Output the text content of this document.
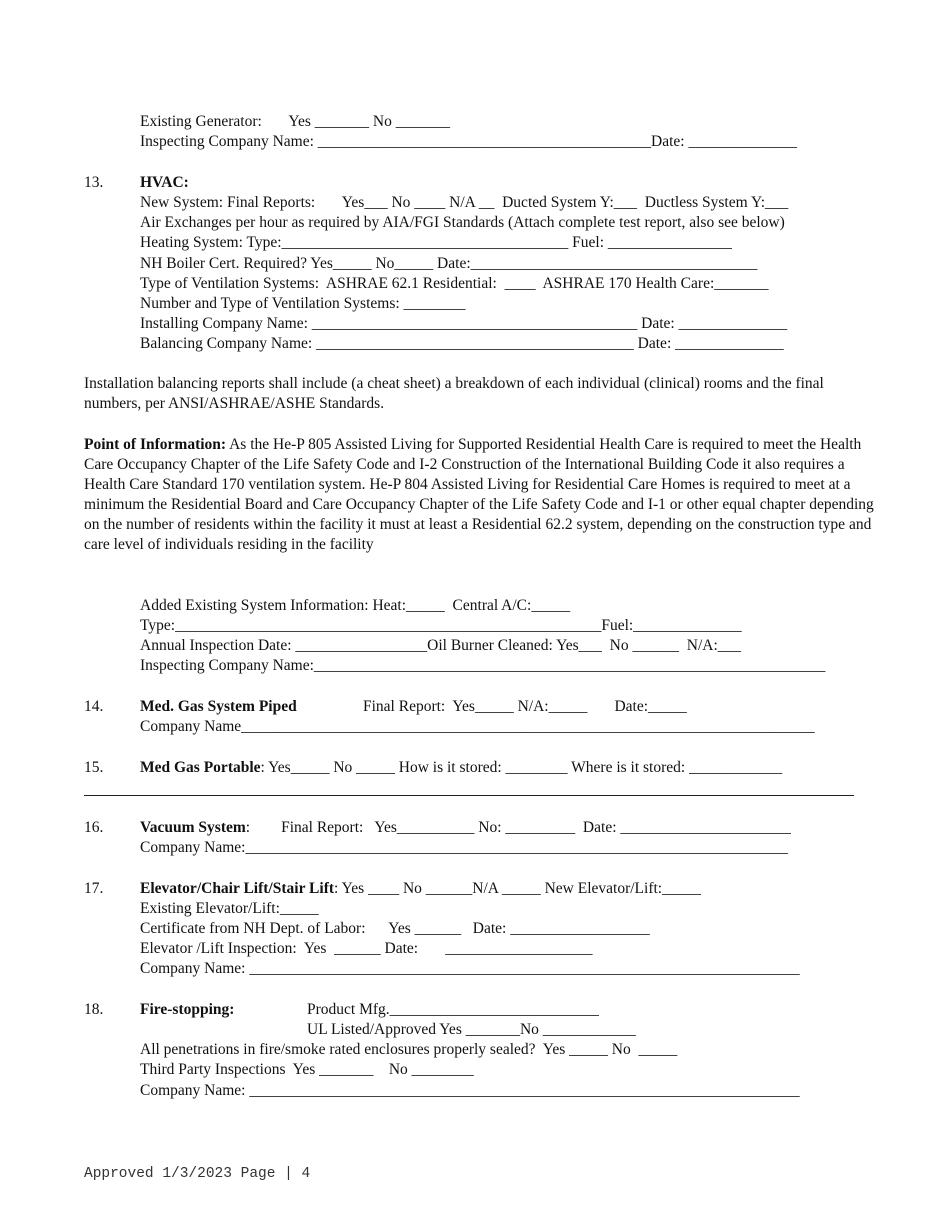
Existing Generator:       Yes _______ No _______
Inspecting Company Name: ___________________________________________Date: ______________
13. HVAC:
New System: Final Reports:       Yes___ No ____ N/A __  Ducted System Y:___  Ductless System Y:___
Air Exchanges per hour as required by AIA/FGI Standards (Attach complete test report, also see below)
Heating System: Type:_____________________________________ Fuel: ________________
NH Boiler Cert. Required? Yes_____ No_____ Date:_____________________________________
Type of Ventilation Systems:  ASHRAE 62.1 Residential:  ____  ASHRAE 170 Health Care:_______
Number and Type of Ventilation Systems: ________
Installing Company Name: __________________________________________ Date: ______________
Balancing Company Name: _________________________________________ Date: ______________
Installation balancing reports shall include (a cheat sheet) a breakdown of each individual (clinical) rooms and the final numbers, per ANSI/ASHRAE/ASHE Standards.
Point of Information: As the He-P 805 Assisted Living for Supported Residential Health Care is required to meet the Health Care Occupancy Chapter of the Life Safety Code and I-2 Construction of the International Building Code it also requires a Health Care Standard 170 ventilation system. He-P 804 Assisted Living for Residential Care Homes is required to meet at a minimum the Residential Board and Care Occupancy Chapter of the Life Safety Code and I-1 or other equal chapter depending on the number of residents within the facility it must at least a Residential 62.2 system, depending on the construction type and care level of individuals residing in the facility
Added Existing System Information: Heat:_____  Central A/C:_____
Type:_______________________________________________________Fuel:______________
Annual Inspection Date: _________________Oil Burner Cleaned: Yes___  No ______  N/A:___
Inspecting Company Name:__________________________________________________________________
14. Med. Gas System Piped	Final Report:  Yes_____ N/A:_____       Date:_____
Company Name__________________________________________________________________________
15. Med Gas Portable: Yes_____ No _____ How is it stored: ________ Where is it stored: ____________
16. Vacuum System:        Final Report:   Yes__________ No: _________  Date: ______________________
Company Name:______________________________________________________________________
17. Elevator/Chair Lift/Stair Lift: Yes ____ No ______N/A _____ New Elevator/Lift:_____
Existing Elevator/Lift:_____
Certificate from NH Dept. of Labor:      Yes ______   Date: __________________
Elevator /Lift Inspection:  Yes  ______ Date:       ___________________
Company Name: _______________________________________________________________________
18. Fire-stopping:	Product Mfg.___________________________
UL Listed/Approved Yes _______No ____________
All penetrations in fire/smoke rated enclosures properly sealed?  Yes _____ No  _____
Third Party Inspections  Yes _______    No ________
Company Name: _______________________________________________________________________
Approved 1/3/2023 Page | 4
